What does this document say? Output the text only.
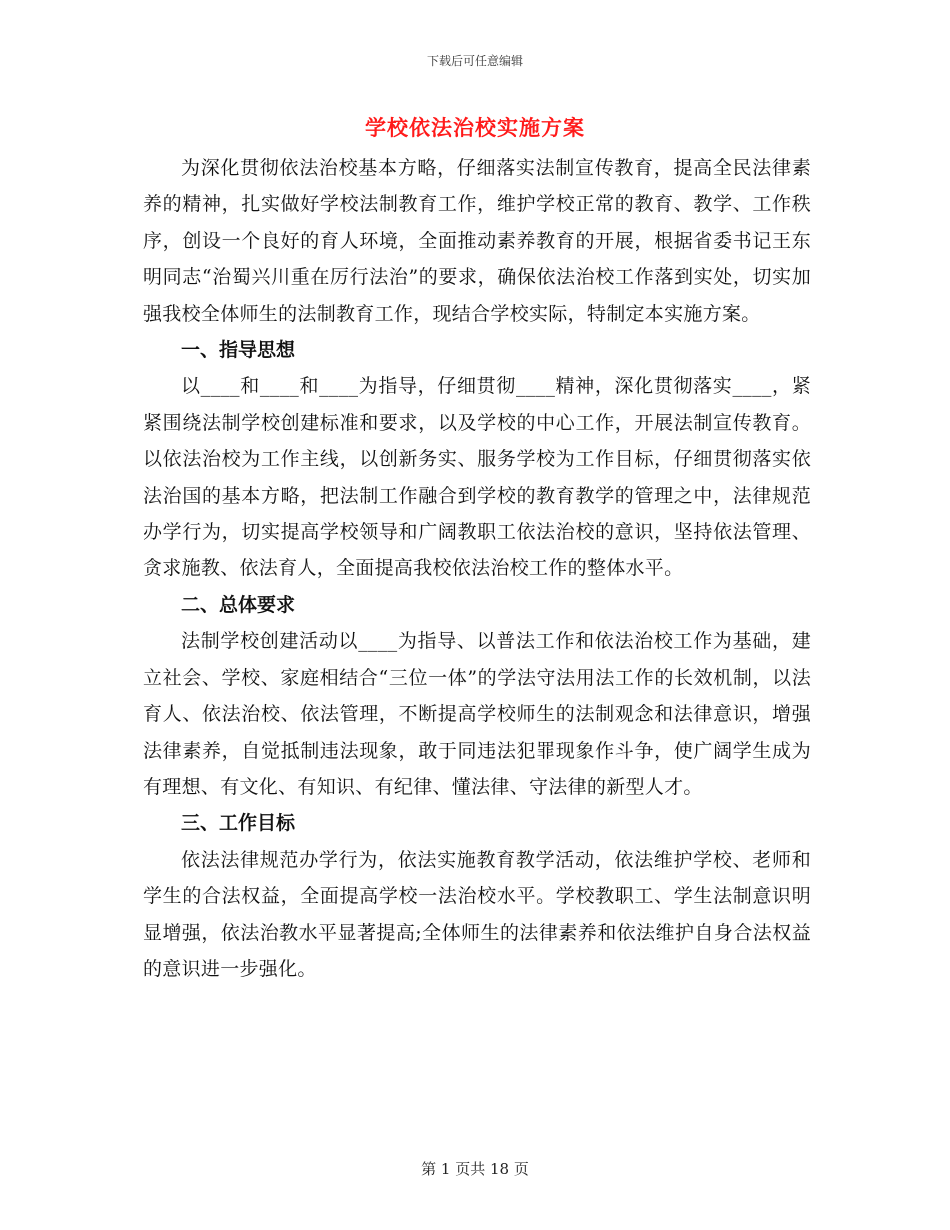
下载后可任意编辑
学校依法治校实施方案

为深化贯彻依法治校基本方略，仔细落实法制宣传教育，提高全民法律素养的精神，扎实做好学校法制教育工作，维护学校正常的教育、教学、工作秩序，创设一个良好的育人环境，全面推动素养教育的开展，根据省委书记王东明同志“治蜀兴川重在厉行法治”的要求，确保依法治校工作落到实处，切实加强我校全体师生的法制教育工作，现结合学校实际，特制定本实施方案。

一、指导思想

以____和____和____为指导，仔细贯彻____精神，深化贯彻落实____，紧紧围绕法制学校创建标准和要求，以及学校的中心工作，开展法制宣传教育。以依法治校为工作主线，以创新务实、服务学校为工作目标，仔细贯彻落实依法治国的基本方略，把法制工作融合到学校的教育教学的管理之中，法律规范办学行为，切实提高学校领导和广阔教职工依法治校的意识，坚持依法管理、贪求施教、依法育人，全面提高我校依法治校工作的整体水平。

二、总体要求

法制学校创建活动以____为指导、以普法工作和依法治校工作为基础，建立社会、学校、家庭相结合“三位一体”的学法守法用法工作的长效机制，以法育人、依法治校、依法管理，不断提高学校师生的法制观念和法律意识，增强法律素养，自觉抵制违法现象，敢于同违法犯罪现象作斗争，使广阔学生成为有理想、有文化、有知识、有纪律、懂法律、守法律的新型人才。

三、工作目标

依法法律规范办学行为，依法实施教育教学活动，依法维护学校、老师和学生的合法权益，全面提高学校一法治校水平。学校教职工、学生法制意识明显增强，依法治教水平显著提高;全体师生的法律素养和依法维护自身合法权益的意识进一步强化。

第 1 页共 18 页
